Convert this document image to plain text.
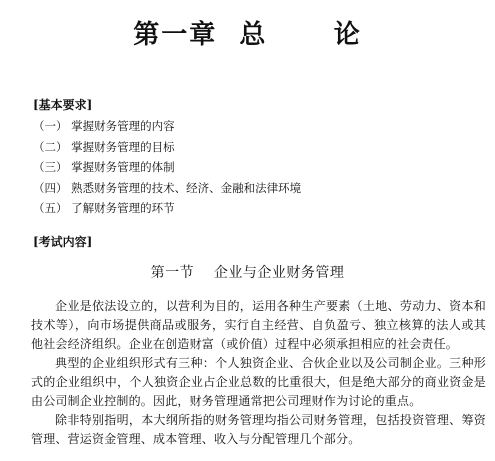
第一章  总      论
[基本要求]
（一） 掌握财务管理的内容
（二） 掌握财务管理的目标
（三） 掌握财务管理的体制
（四） 熟悉财务管理的技术、经济、金融和法律环境
（五） 了解财务管理的环节
[考试内容]
第一节    企业与企业财务管理

企业是依法设立的，以营利为目的，运用各种生产要素（土地、劳动力、资本和技术等），向市场提供商品或服务，实行自主经营、自负盈亏、独立核算的法人或其他社会经济组织。企业在创造财富（或价值）过程中必须承担相应的社会责任。

典型的企业组织形式有三种：个人独资企业、合伙企业以及公司制企业。三种形式的企业组织中，个人独资企业占企业总数的比重很大，但是绝大部分的商业资金是由公司制企业控制的。因此，财务管理通常把公司理财作为讨论的重点。

除非特别指明，本大纲所指的财务管理均指公司财务管理，包括投资管理、筹资管理、营运资金管理、成本管理、收入与分配管理几个部分。
